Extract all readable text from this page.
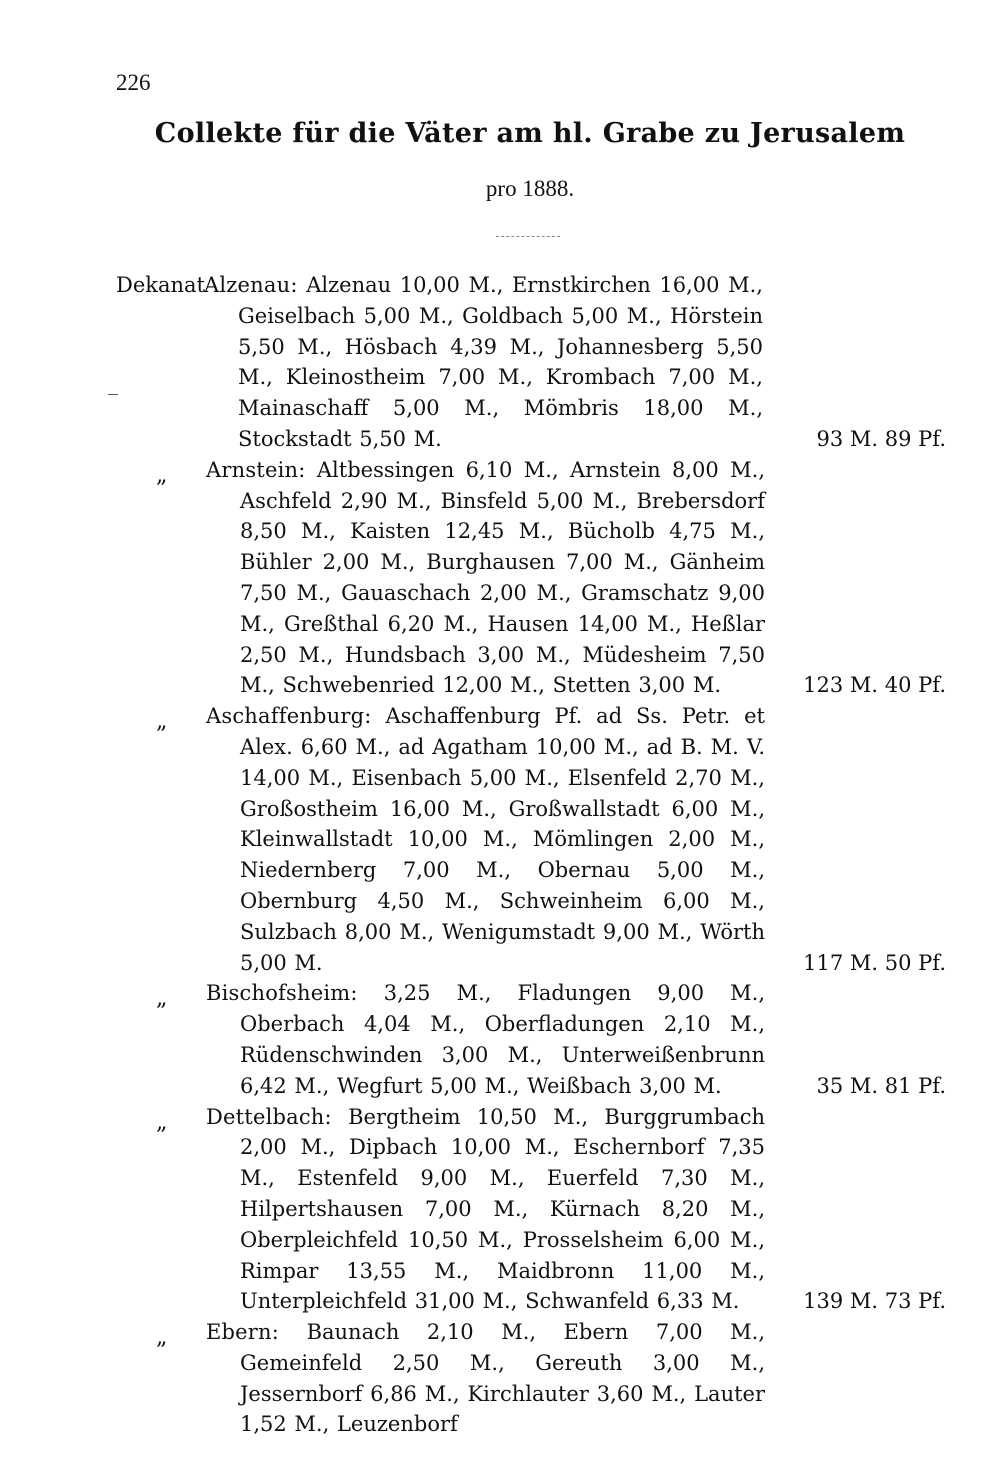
226
Collekte für die Väter am hl. Grabe zu Jerusalem
pro 1888.
Dekanat Alzenau: Alzenau 10,00 M., Ernstkirchen 16,00 M., Geiselbach 5,00 M., Goldbach 5,00 M., Hörstein 5,50 M., Hösbach 4,39 M., Johannesberg 5,50 M., Kleinostheim 7,00 M., Krombach 7,00 M., Mainaschaff 5,00 M., Mömbris 18,00 M., Stockstadt 5,50 M.	93 M. 89 Pf.
„ Arnstein: Altbessingen 6,10 M., Arnstein 8,00 M., Aschfeld 2,90 M., Binsfeld 5,00 M., Brebersdorf 8,50 M., Kaisten 12,45 M., Bücholb 4,75 M., Bühler 2,00 M., Burghausen 7,00 M., Gänheim 7,50 M., Gauaschach 2,00 M., Gramschatz 9,00 M., Greßthal 6,20 M., Hausen 14,00 M., Heßlar 2,50 M., Hundsbach 3,00 M., Müdesheim 7,50 M., Schwebenried 12,00 M., Stetten 3,00 M.	123 M. 40 Pf.
„ Aschaffenburg: Aschaffenburg Pf. ad Ss. Petr. et Alex. 6,60 M., ad Agatham 10,00 M., ad B. M. V. 14,00 M., Eisenbach 5,00 M., Elsenfeld 2,70 M., Großostheim 16,00 M., Großwallstadt 6,00 M., Kleinwallstadt 10,00 M., Mömlingen 2,00 M., Niedernberg 7,00 M., Obernau 5,00 M., Obernburg 4,50 M., Schweinheim 6,00 M., Sulzbach 8,00 M., Wenigumstadt 9,00 M., Wörth 5,00 M.	117 M. 50 Pf.
„ Bischofsheim: 3,25 M., Fladungen 9,00 M., Oberbach 4,04 M., Oberfladungen 2,10 M., Rüdenschwinden 3,00 M., Unterweißenbrunn 6,42 M., Wegfurt 5,00 M., Weißbach 3,00 M.	35 M. 81 Pf.
„ Dettelbach: Bergtheim 10,50 M., Burggrumbach 2,00 M., Dipbach 10,00 M., Eschernborf 7,35 M., Estenfeld 9,00 M., Euerfeld 7,30 M., Hilpertshausen 7,00 M., Kürnach 8,20 M., Oberpleichfeld 10,50 M., Prosselsheim 6,00 M., Rimpar 13,55 M., Maidbronn 11,00 M., Unterpleichfeld 31,00 M., Schwanfeld 6,33 M.	139 M. 73 Pf.
„ Ebern: Baunach 2,10 M., Ebern 7,00 M., Gemeinfeld 2,50 M., Gereuth 3,00 M., Jessernborf 6,86 M., Kirchlauter 3,60 M., Lauter 1,52 M., Leuzenborf
